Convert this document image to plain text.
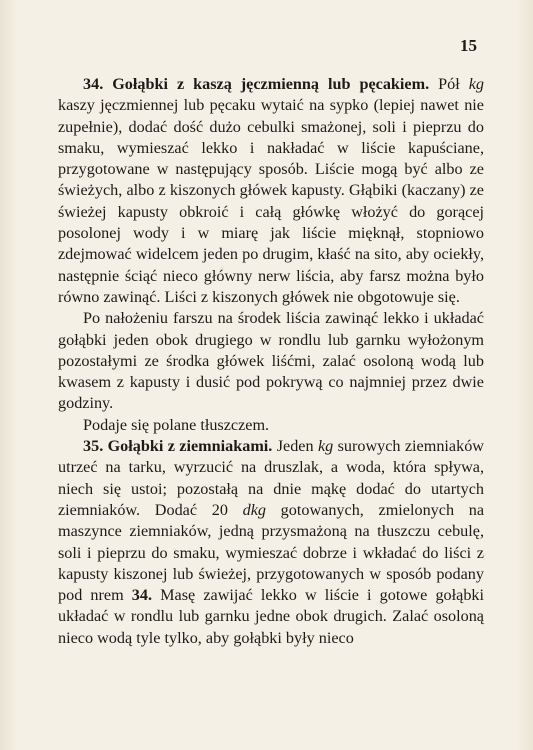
15

34. Gołąbki z kaszą jęczmienną lub pęcakiem. Pół kg kaszy jęczmiennej lub pęcaku wytaić na sypko (lepiej nawet nie zupełnie), dodać dość dużo cebulki smażonej, soli i pieprzu do smaku, wymieszać lekko i nakładać w liście kapuściane, przygotowane w następujący sposób. Liście mogą być albo ze świeżych, albo z kiszonych główek kapusty. Głąbiki (kaczany) ze świeżej kapusty obkroić i całą główkę włożyć do gorącej posolonej wody i w miarę jak liście mięknął, stopniowo zdejmować widelcem jeden po drugim, kłaść na sito, aby ociekły, następnie ściąć nieco główny nerw liścia, aby farsz można było równo zawinąć. Liści z kiszonych główek nie obgotowuje się.

Po nałożeniu farszu na środek liścia zawinąć lekko i układać gołąbki jeden obok drugiego w rondlu lub garnku wyłożonym pozostałymi ze środka główek liśćmi, zalać osoloną wodą lub kwasem z kapusty i dusić pod pokrywą co najmniej przez dwie godziny.

Podaje się polane tłuszczem.

35. Gołąbki z ziemniakami. Jeden kg surowych ziemniaków utrzeć na tarku, wyrzucić na druszlak, a woda, która spływa, niech się ustoi; pozostałą na dnie mąkę dodać do utartych ziemniaków. Dodać 20 dkg gotowanych, zmielonych na maszynce ziemniaków, jedną przysmażoną na tłuszczu cebulę, soli i pieprzu do smaku, wymieszać dobrze i wkładać do liści z kapusty kiszonej lub świeżej, przygotowanych w sposób podany pod nrem 34. Masę zawijać lekko w liście i gotowe gołąbki układać w rondlu lub garnku jedne obok drugich. Zalać osoloną nieco wodą tyle tylko, aby gołąbki były nieco
